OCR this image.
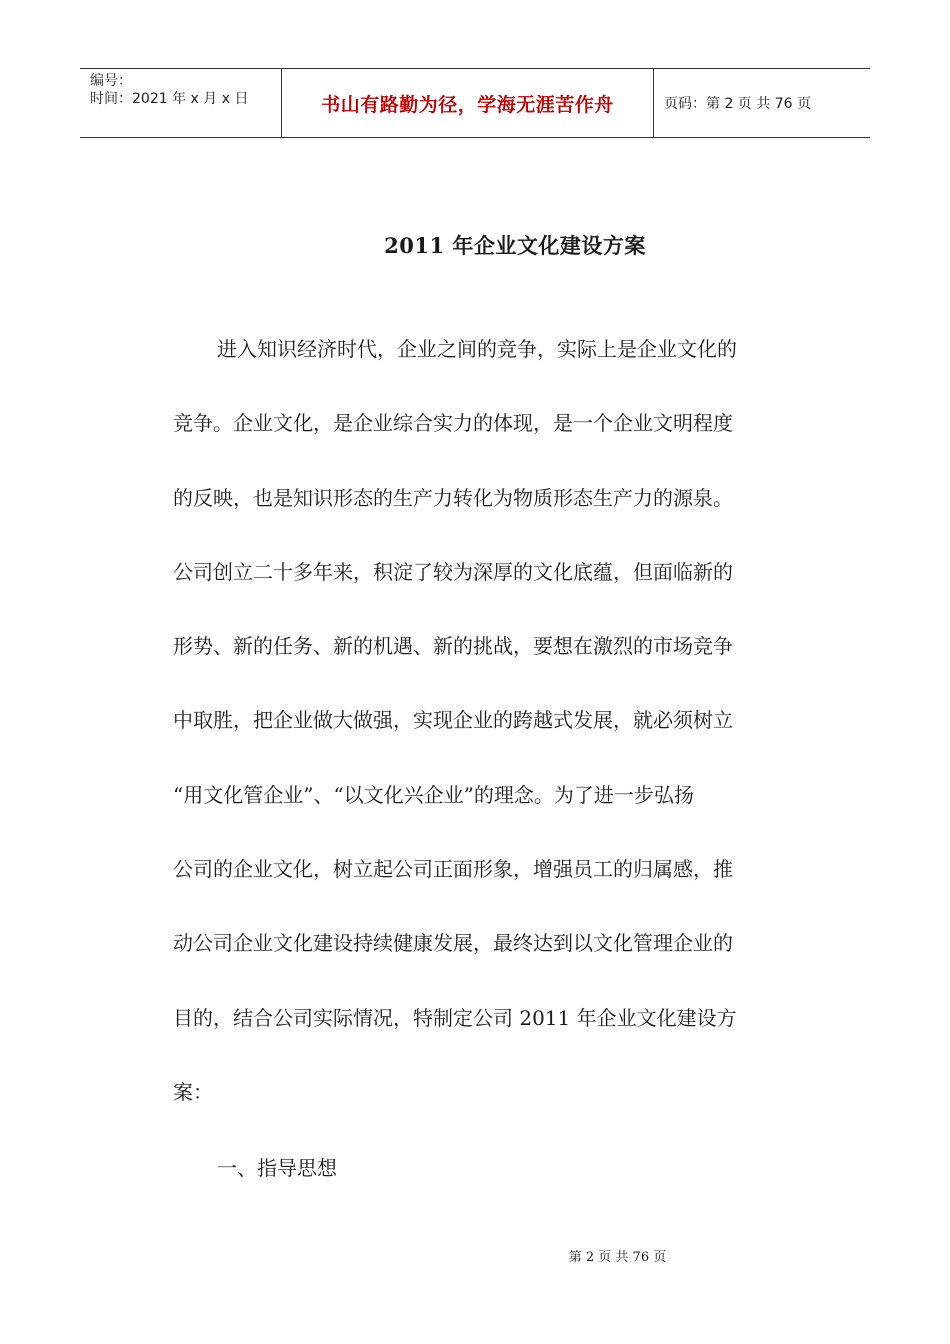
编号：
时间：2021 年 x 月 x 日	书山有路勤为径，学海无涯苦作舟	页码：第 2 页 共 76 页
2011 年企业文化建设方案
进入知识经济时代，企业之间的竞争，实际上是企业文化的
竞争。企业文化，是企业综合实力的体现，是一个企业文明程度
的反映，也是知识形态的生产力转化为物质形态生产力的源泉。
公司创立二十多年来，积淀了较为深厚的文化底蕴，但面临新的
形势、新的任务、新的机遇、新的挑战，要想在激烈的市场竞争
中取胜，把企业做大做强，实现企业的跨越式发展，就必须树立
“用文化管企业”、“以文化兴企业”的理念。为了进一步弘扬
公司的企业文化，树立起公司正面形象，增强员工的归属感，推
动公司企业文化建设持续健康发展，最终达到以文化管理企业的
目的，结合公司实际情况，特制定公司 2011 年企业文化建设方
案：
一、指导思想
第 2 页 共 76 页
